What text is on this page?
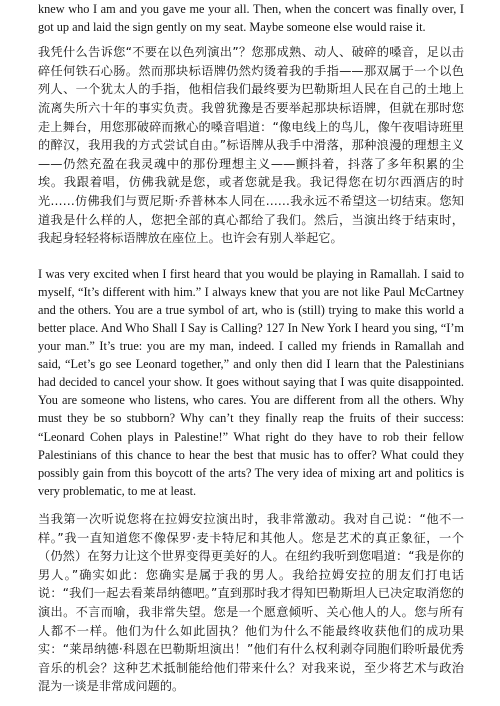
knew who I am and you gave me your all. Then, when the concert was finally over, I got up and laid the sign gently on my seat. Maybe someone else would raise it.

我凭什么告诉您“不要在以色列演出”？您那成熟、动人、破碎的嗓音，足以击碎任何铁石心肠。然而那块标语牌仍然灼烫着我的手指——那双属于一个以色列人、一个犹太人的手指，他相信我们最终要为巴勒斯坦人民在自己的土地上流离失所六十年的事实负责。我曾犹豫是否要举起那块标语牌，但就在那时您走上舞台，用您那破碎而揪心的嗓音唱道：“像电线上的鸟儿，像午夜唱诗班里的醉汉，我用我的方式尝试自由。”标语牌从我手中滑落，那种浪漫的理想主义——仍然充盈在我灵魂中的那份理想主义——颤抖着，抖落了多年积累的尘埃。我跟着唱，仿佛我就是您，或者您就是我。我记得您在切尔西酒店的时光……仿佛我们与贾尼斯·乔普林本人同在……我永远不希望这一切结束。您知道我是什么样的人，您把全部的真心都给了我们。然后，当演出终于结束时，我起身轻轻将标语牌放在座位上。也许会有别人举起它。

I was very excited when I first heard that you would be playing in Ramallah. I said to myself, “It’s different with him.” I always knew that you are not like Paul McCartney and the others. You are a true symbol of art, who is (still) trying to make this world a better place. And Who Shall I Say is Calling? 127 In New York I heard you sing, “I’m your man.” It’s true: you are my man, indeed. I called my friends in Ramallah and said, “Let’s go see Leonard together,” and only then did I learn that the Palestinians had decided to cancel your show. It goes without saying that I was quite disappointed. You are someone who listens, who cares. You are different from all the others. Why must they be so stubborn? Why can’t they finally reap the fruits of their success: “Leonard Cohen plays in Palestine!” What right do they have to rob their fellow Palestinians of this chance to hear the best that music has to offer? What could they possibly gain from this boycott of the arts? The very idea of mixing art and politics is very problematic, to me at least.

当我第一次听说您将在拉姆安拉演出时，我非常激动。我对自己说：“他不一样。”我一直知道您不像保罗·麦卡特尼和其他人。您是艺术的真正象征，一个（仍然）在努力让这个世界变得更美好的人。在纽约我听到您唱道：“我是你的男人。”确实如此：您确实是属于我的男人。我给拉姆安拉的朋友们打电话说：“我们一起去看莱昂纳德吧。”直到那时我才得知巴勒斯坦人已决定取消您的演出。不言而喻，我非常失望。您是一个愿意倾听、关心他人的人。您与所有人都不一样。他们为什么如此固执？他们为什么不能最终收获他们的成功果实：“莱昂纳德·科恩在巴勒斯坦演出！”他们有什么权利剥夺同胞们聆听最优秀音乐的机会？这种艺术抵制能给他们带来什么？对我来说，至少将艺术与政治混为一谈是非常成问题的。
